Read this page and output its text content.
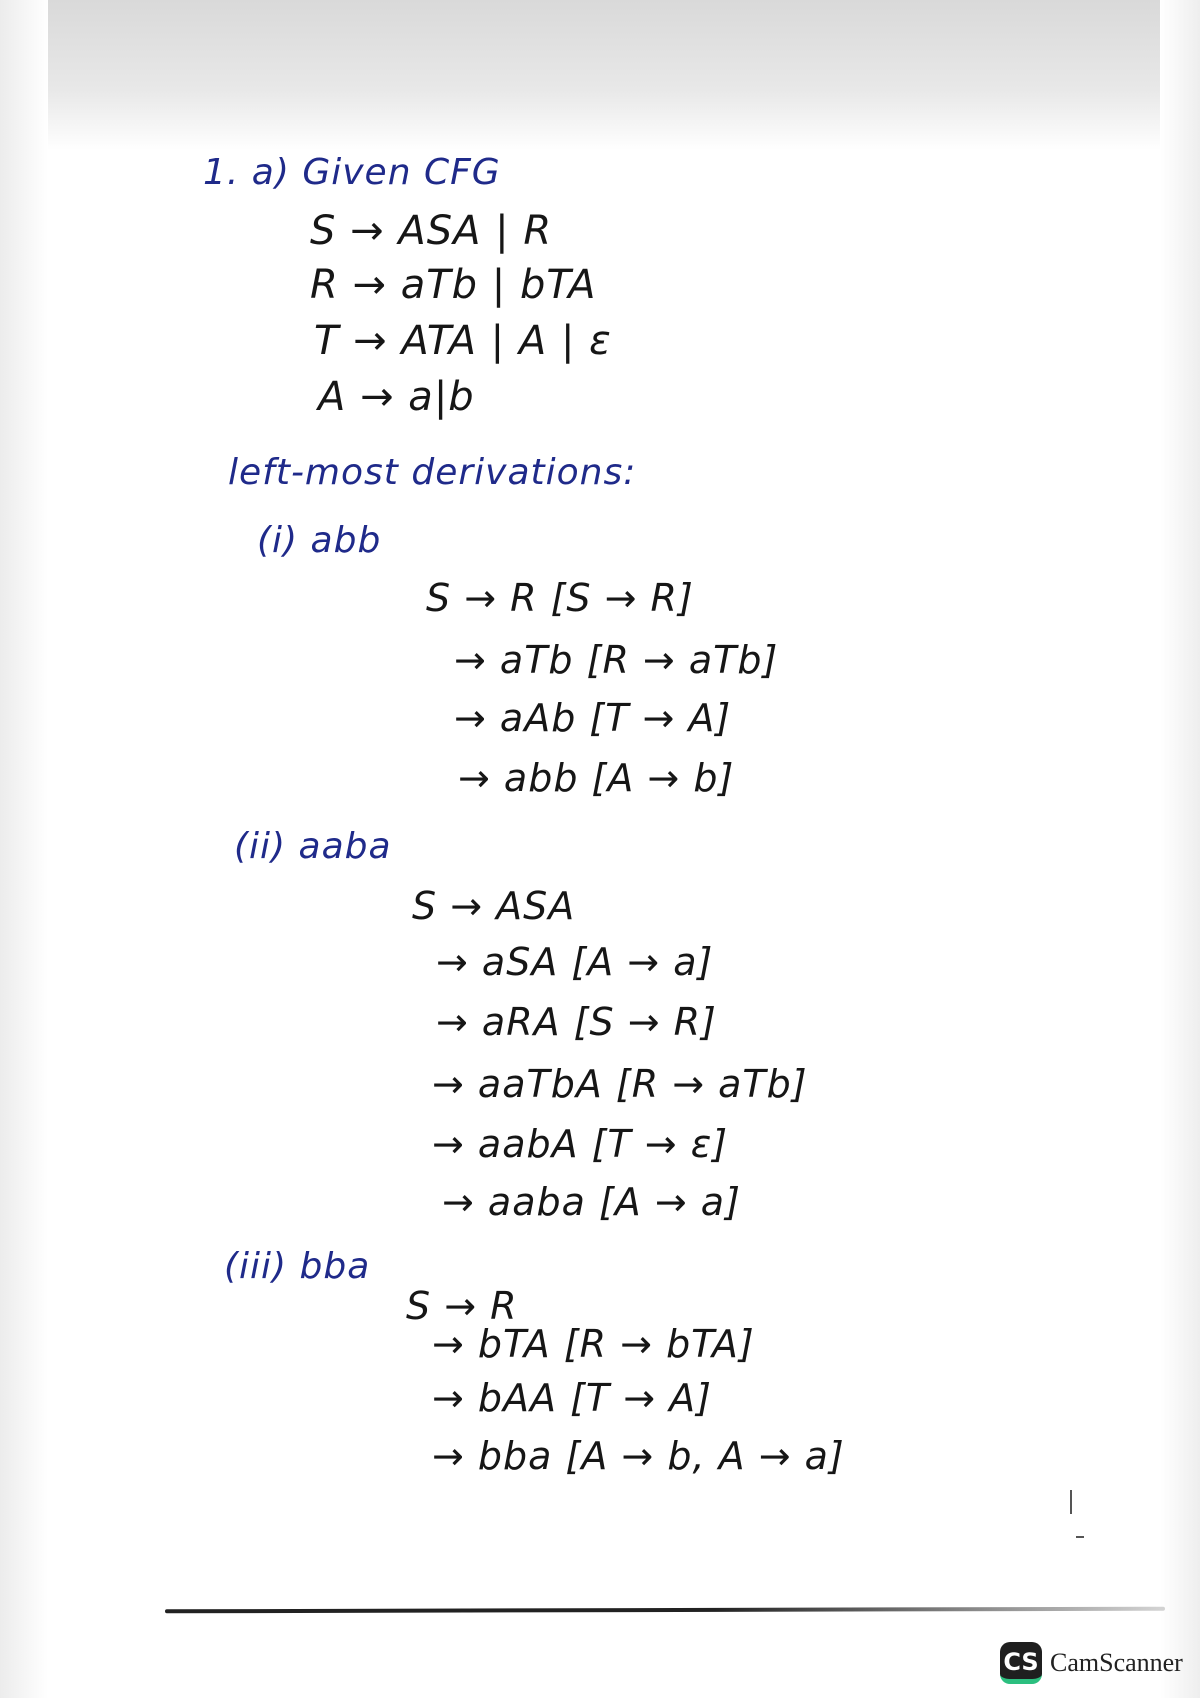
1. a) Given CFG
S → ASA | R
R → aTb | bTA
T → ATA | A | ε
A → a|b
left-most derivations:
(i) abb
S → R [S → R]
→ aTb [R → aTb]
→ aAb [T → A]
→ abb [A → b]
(ii) aaba
S → ASA
→ aSA [A → a]
→ aRA [S → R]
→ aaTbA [R → aTb]
→ aabA [T → ε]
→ aaba [A → a]
(iii) bba
S → R
→ bTA [R → bTA]
→ bAA [T → A]
→ bba [A → b, A → a]
CS CamScanner
